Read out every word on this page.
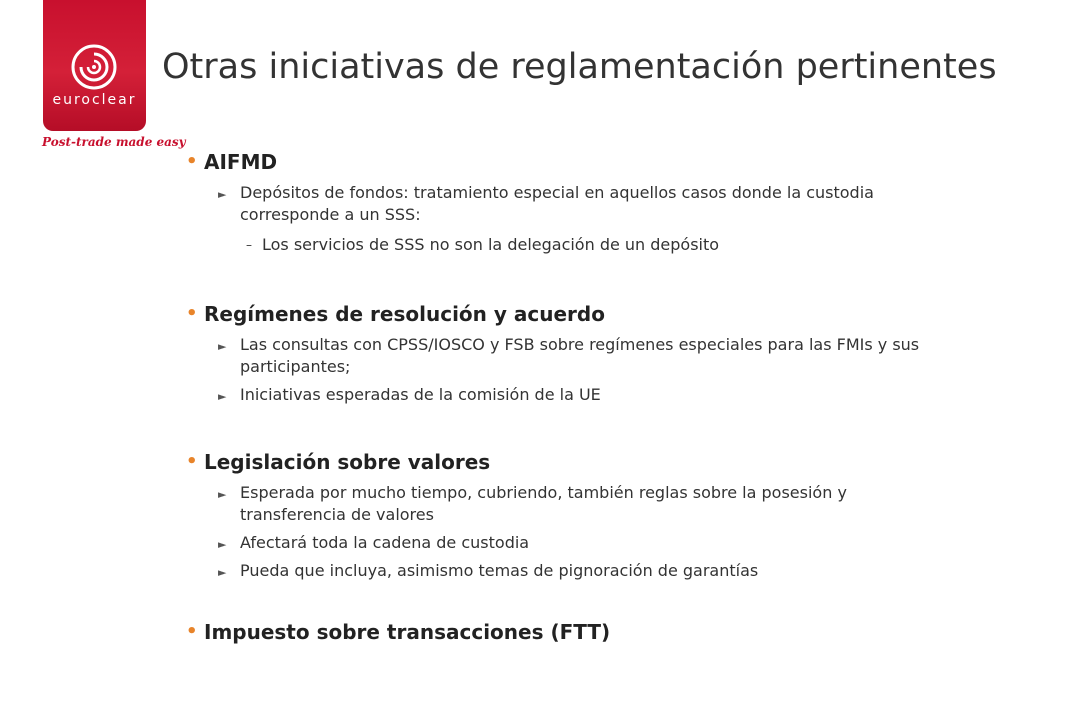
euroclear
Post-trade made easy
Otras iniciativas de reglamentación pertinentes
• AIFMD
► Depósitos de fondos: tratamiento especial en aquellos casos donde la custodia corresponde a un SSS:
– Los servicios de SSS no son la delegación de un depósito
• Regímenes de resolución y acuerdo
► Las consultas con CPSS/IOSCO y FSB sobre regímenes especiales para las FMIs y sus participantes;
► Iniciativas esperadas de la comisión de la UE
• Legislación sobre valores
► Esperada por mucho tiempo, cubriendo, también reglas sobre la posesión y transferencia de valores
► Afectará toda la cadena de custodia
► Pueda que incluya, asimismo temas de pignoración de garantías
• Impuesto sobre transacciones (FTT)
